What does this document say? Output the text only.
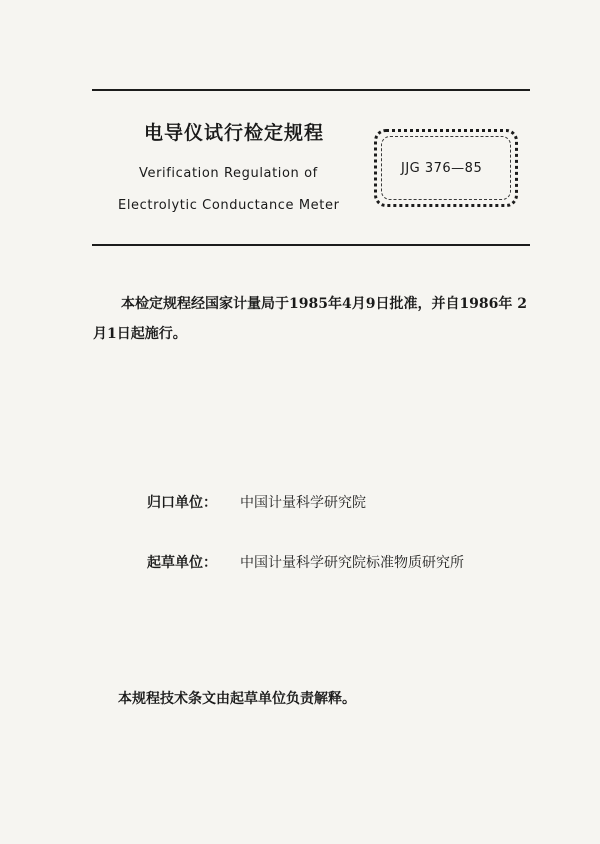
电导仪试行检定规程
Verification Regulation of
Electrolytic Conductance Meter
JJG 376—85

本检定规程经国家计量局于1985年4月9日批准，并自1986年 2月1日起施行。

归口单位： 中国计量科学研究院
起草单位： 中国计量科学研究院标准物质研究所

本规程技术条文由起草单位负责解释。
